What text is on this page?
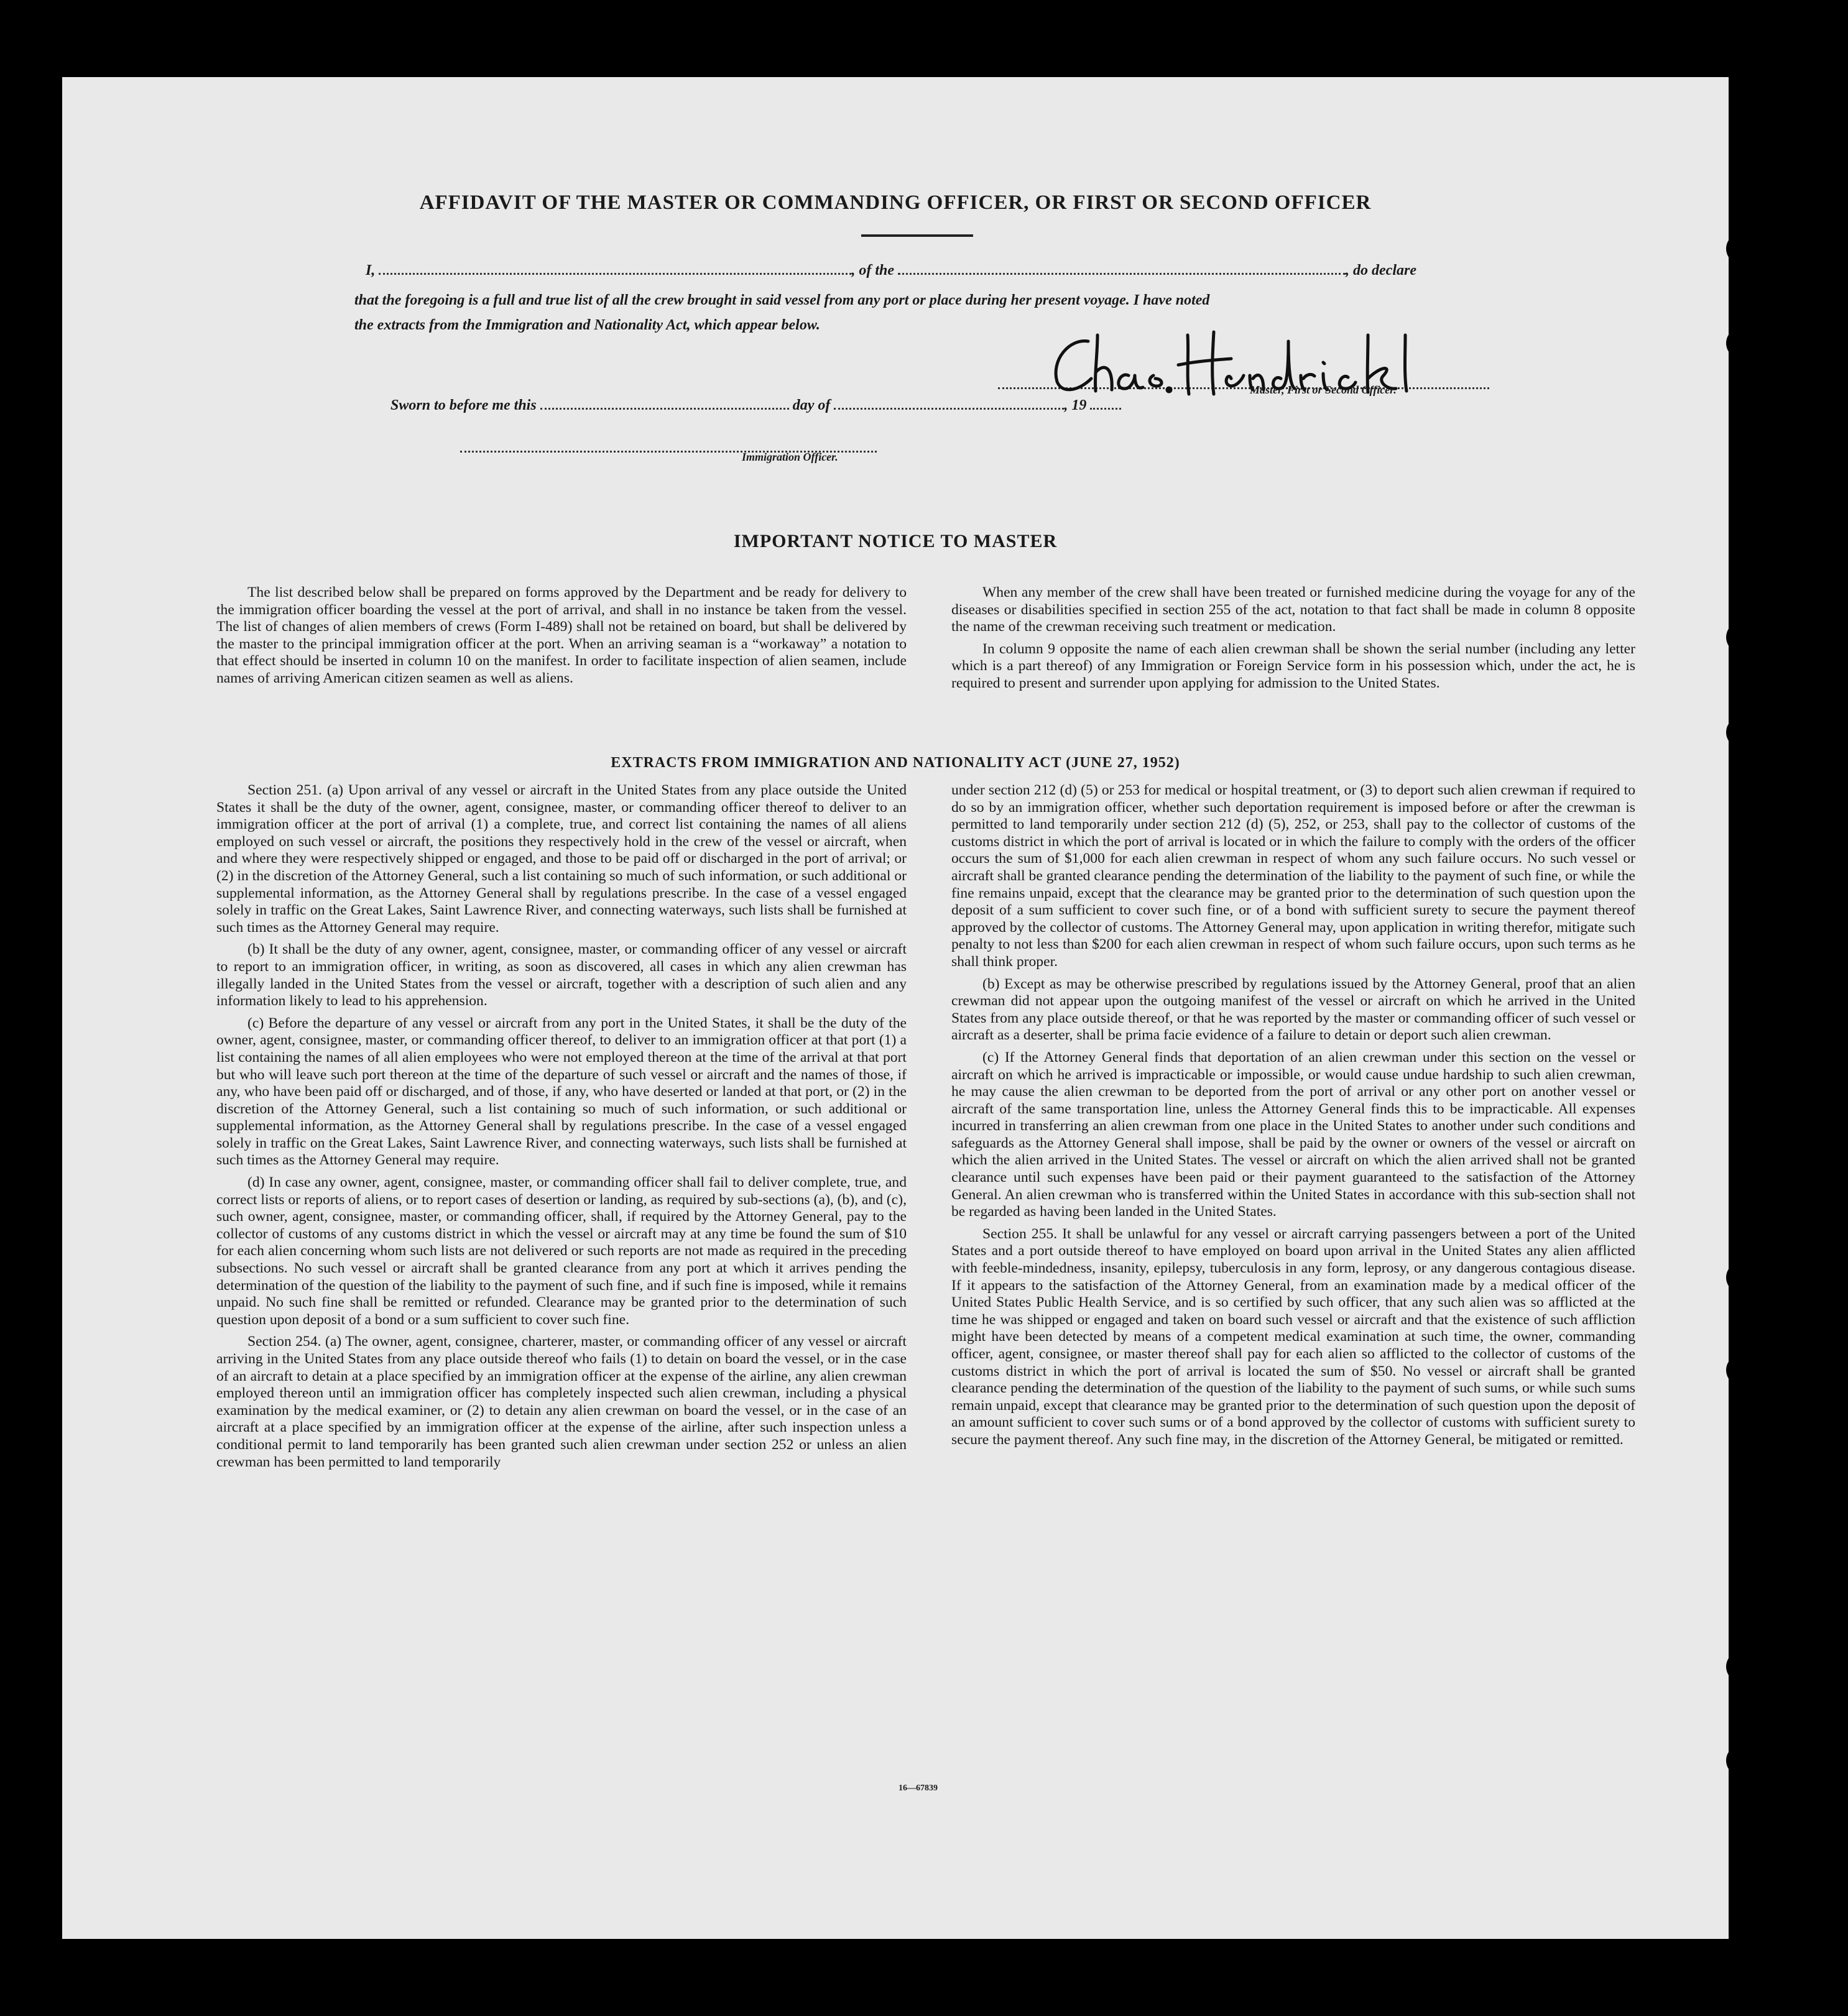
AFFIDAVIT OF THE MASTER OR COMMANDING OFFICER, OR FIRST OR SECOND OFFICER
I,	, of the	, do declare
that the foregoing is a full and true list of all the crew brought in said vessel from any port or place during her present voyage. I have noted
the extracts from the Immigration and Nationality Act, which appear below.
Master, First or Second Officer.
Sworn to before me this	day of	, 19
Immigration Officer.
IMPORTANT NOTICE TO MASTER

The list described below shall be prepared on forms approved by the Department and be ready for delivery to the immigration officer boarding the vessel at the port of arrival, and shall in no instance be taken from the vessel. The list of changes of alien members of crews (Form I-489) shall not be retained on board, but shall be delivered by the master to the principal immigration officer at the port. When an arriving seaman is a “workaway” a notation to that effect should be inserted in column 10 on the manifest. In order to facilitate inspection of alien seamen, include names of arriving American citizen seamen as well as aliens.

When any member of the crew shall have been treated or furnished medicine during the voyage for any of the diseases or disabilities specified in section 255 of the act, notation to that fact shall be made in column 8 opposite the name of the crewman receiving such treatment or medication.

In column 9 opposite the name of each alien crewman shall be shown the serial number (including any letter which is a part thereof) of any Immigration or Foreign Service form in his possession which, under the act, he is required to present and surrender upon applying for admission to the United States.

EXTRACTS FROM IMMIGRATION AND NATIONALITY ACT (JUNE 27, 1952)

Section 251. (a) Upon arrival of any vessel or aircraft in the United States from any place outside the United States it shall be the duty of the owner, agent, consignee, master, or commanding officer thereof to deliver to an immigration officer at the port of arrival (1) a complete, true, and correct list containing the names of all aliens employed on such vessel or aircraft, the positions they respectively hold in the crew of the vessel or aircraft, when and where they were respectively shipped or engaged, and those to be paid off or discharged in the port of arrival; or (2) in the discretion of the Attorney General, such a list containing so much of such information, or such additional or supplemental information, as the Attorney General shall by regulations prescribe. In the case of a vessel engaged solely in traffic on the Great Lakes, Saint Lawrence River, and connecting waterways, such lists shall be furnished at such times as the Attorney General may require.

(b) It shall be the duty of any owner, agent, consignee, master, or commanding officer of any vessel or aircraft to report to an immigration officer, in writing, as soon as discovered, all cases in which any alien crewman has illegally landed in the United States from the vessel or aircraft, together with a description of such alien and any information likely to lead to his apprehension.

(c) Before the departure of any vessel or aircraft from any port in the United States, it shall be the duty of the owner, agent, consignee, master, or commanding officer thereof, to deliver to an immigration officer at that port (1) a list containing the names of all alien employees who were not employed thereon at the time of the arrival at that port but who will leave such port thereon at the time of the departure of such vessel or aircraft and the names of those, if any, who have been paid off or discharged, and of those, if any, who have deserted or landed at that port, or (2) in the discretion of the Attorney General, such a list containing so much of such information, or such additional or supplemental information, as the Attorney General shall by regulations prescribe. In the case of a vessel engaged solely in traffic on the Great Lakes, Saint Lawrence River, and connecting waterways, such lists shall be furnished at such times as the Attorney General may require.

(d) In case any owner, agent, consignee, master, or commanding officer shall fail to deliver complete, true, and correct lists or reports of aliens, or to report cases of desertion or landing, as required by sub-sections (a), (b), and (c), such owner, agent, consignee, master, or commanding officer, shall, if required by the Attorney General, pay to the collector of customs of any customs district in which the vessel or aircraft may at any time be found the sum of $10 for each alien concerning whom such lists are not delivered or such reports are not made as required in the preceding subsections. No such vessel or aircraft shall be granted clearance from any port at which it arrives pending the determination of the question of the liability to the payment of such fine, and if such fine is imposed, while it remains unpaid. No such fine shall be remitted or refunded. Clearance may be granted prior to the determination of such question upon deposit of a bond or a sum sufficient to cover such fine.

Section 254. (a) The owner, agent, consignee, charterer, master, or commanding officer of any vessel or aircraft arriving in the United States from any place outside thereof who fails (1) to detain on board the vessel, or in the case of an aircraft to detain at a place specified by an immigration officer at the expense of the airline, any alien crewman employed thereon until an immigration officer has completely inspected such alien crewman, including a physical examination by the medical examiner, or (2) to detain any alien crewman on board the vessel, or in the case of an aircraft at a place specified by an immigration officer at the expense of the airline, after such inspection unless a conditional permit to land temporarily has been granted such alien crewman under section 252 or unless an alien crewman has been permitted to land temporarily

under section 212 (d) (5) or 253 for medical or hospital treatment, or (3) to deport such alien crewman if required to do so by an immigration officer, whether such deportation requirement is imposed before or after the crewman is permitted to land temporarily under section 212 (d) (5), 252, or 253, shall pay to the collector of customs of the customs district in which the port of arrival is located or in which the failure to comply with the orders of the officer occurs the sum of $1,000 for each alien crewman in respect of whom any such failure occurs. No such vessel or aircraft shall be granted clearance pending the determination of the liability to the payment of such fine, or while the fine remains unpaid, except that the clearance may be granted prior to the determination of such question upon the deposit of a sum sufficient to cover such fine, or of a bond with sufficient surety to secure the payment thereof approved by the collector of customs. The Attorney General may, upon application in writing therefor, mitigate such penalty to not less than $200 for each alien crewman in respect of whom such failure occurs, upon such terms as he shall think proper.

(b) Except as may be otherwise prescribed by regulations issued by the Attorney General, proof that an alien crewman did not appear upon the outgoing manifest of the vessel or aircraft on which he arrived in the United States from any place outside thereof, or that he was reported by the master or commanding officer of such vessel or aircraft as a deserter, shall be prima facie evidence of a failure to detain or deport such alien crewman.

(c) If the Attorney General finds that deportation of an alien crewman under this section on the vessel or aircraft on which he arrived is impracticable or impossible, or would cause undue hardship to such alien crewman, he may cause the alien crewman to be deported from the port of arrival or any other port on another vessel or aircraft of the same transportation line, unless the Attorney General finds this to be impracticable. All expenses incurred in transferring an alien crewman from one place in the United States to another under such conditions and safeguards as the Attorney General shall impose, shall be paid by the owner or owners of the vessel or aircraft on which the alien arrived in the United States. The vessel or aircraft on which the alien arrived shall not be granted clearance until such expenses have been paid or their payment guaranteed to the satisfaction of the Attorney General. An alien crewman who is transferred within the United States in accordance with this sub-section shall not be regarded as having been landed in the United States.

Section 255. It shall be unlawful for any vessel or aircraft carrying passengers between a port of the United States and a port outside thereof to have employed on board upon arrival in the United States any alien afflicted with feeble-mindedness, insanity, epilepsy, tuberculosis in any form, leprosy, or any dangerous contagious disease. If it appears to the satisfaction of the Attorney General, from an examination made by a medical officer of the United States Public Health Service, and is so certified by such officer, that any such alien was so afflicted at the time he was shipped or engaged and taken on board such vessel or aircraft and that the existence of such affliction might have been detected by means of a competent medical examination at such time, the owner, commanding officer, agent, consignee, or master thereof shall pay for each alien so afflicted to the collector of customs of the customs district in which the port of arrival is located the sum of $50. No vessel or aircraft shall be granted clearance pending the determination of the question of the liability to the payment of such sums, or while such sums remain unpaid, except that clearance may be granted prior to the determination of such question upon the deposit of an amount sufficient to cover such sums or of a bond approved by the collector of customs with sufficient surety to secure the payment thereof. Any such fine may, in the discretion of the Attorney General, be mitigated or remitted.

16—67839
